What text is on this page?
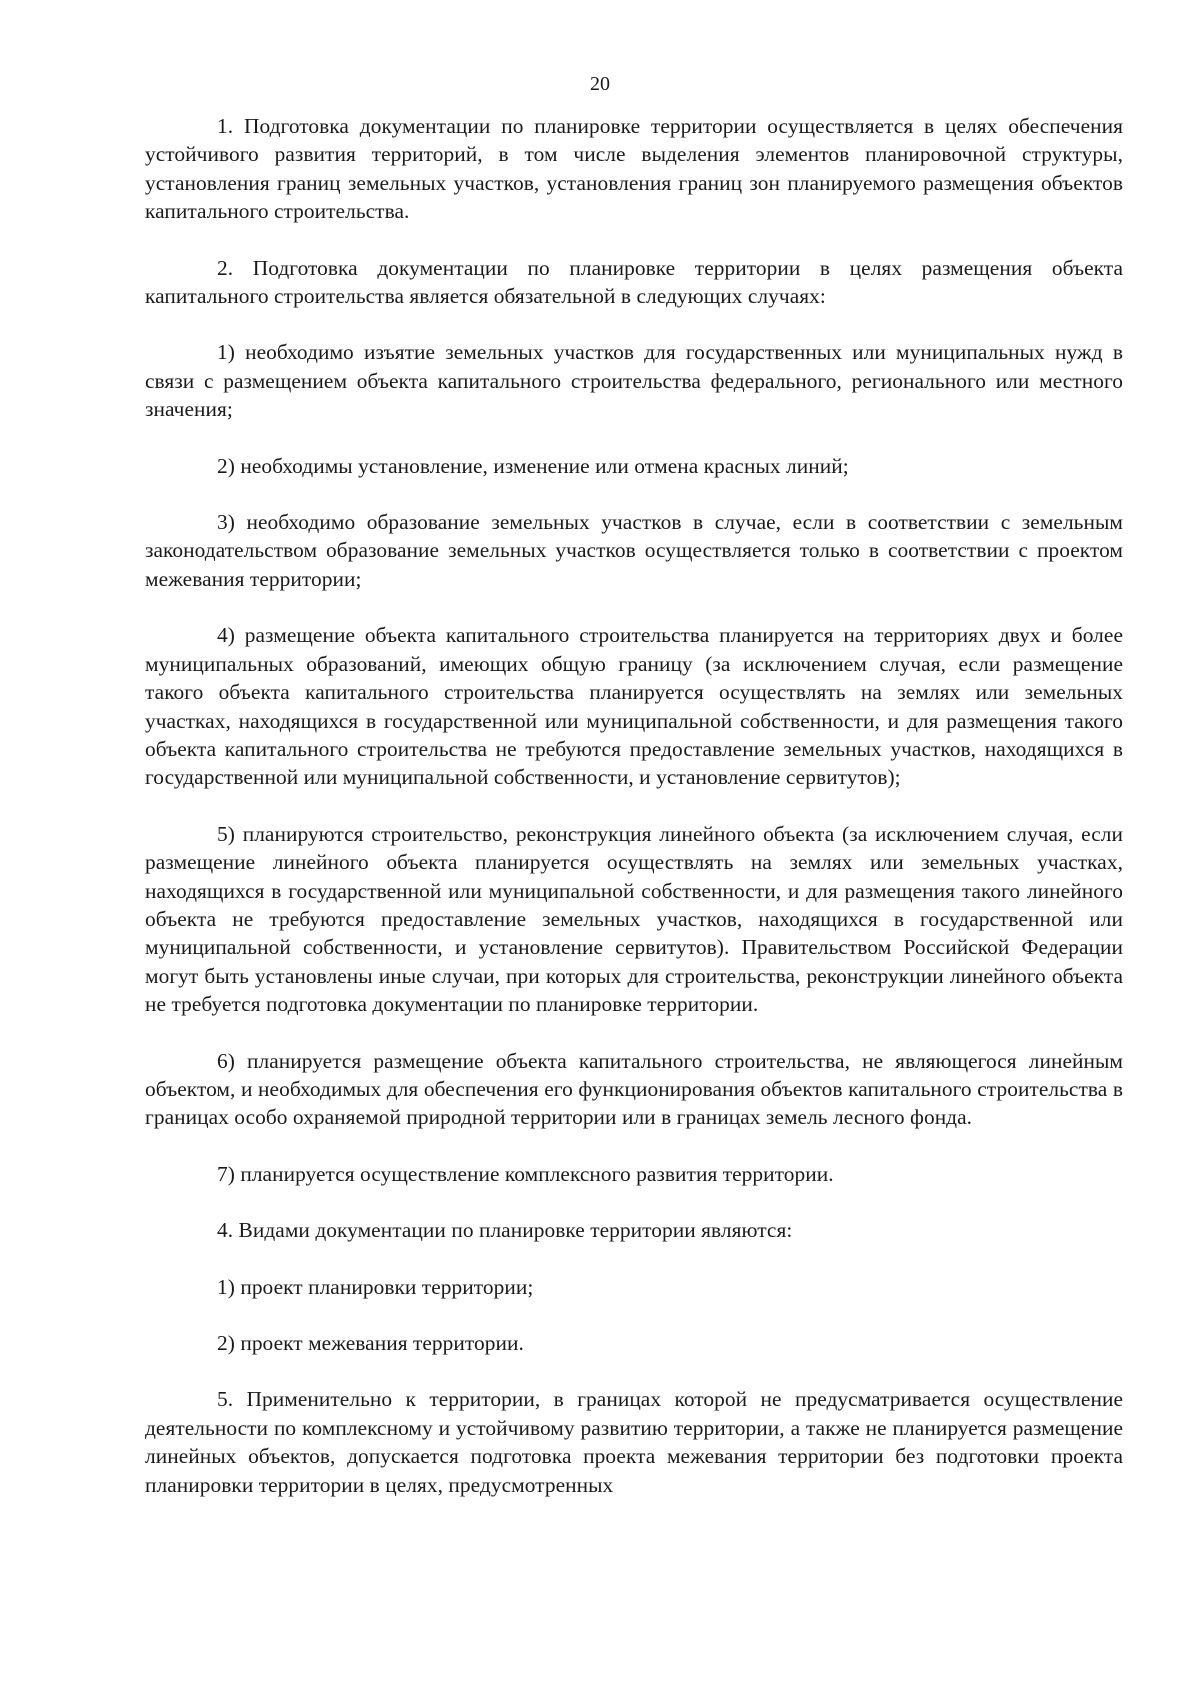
20

1. Подготовка документации по планировке территории осуществляется в целях обеспечения устойчивого развития территорий, в том числе выделения элементов планировочной структуры, установления границ земельных участков, установления границ зон планируемого размещения объектов капитального строительства.

2. Подготовка документации по планировке территории в целях размещения объекта капитального строительства является обязательной в следующих случаях:

1) необходимо изъятие земельных участков для государственных или муниципальных нужд в связи с размещением объекта капитального строительства федерального, регионального или местного значения;

2) необходимы установление, изменение или отмена красных линий;

3) необходимо образование земельных участков в случае, если в соответствии с земельным законодательством образование земельных участков осуществляется только в соответствии с проектом межевания территории;

4) размещение объекта капитального строительства планируется на территориях двух и более муниципальных образований, имеющих общую границу (за исключением случая, если размещение такого объекта капитального строительства планируется осуществлять на землях или земельных участках, находящихся в государственной или муниципальной собственности, и для размещения такого объекта капитального строительства не требуются предоставление земельных участков, находящихся в государственной или муниципальной собственности, и установление сервитутов);

5) планируются строительство, реконструкция линейного объекта (за исключением случая, если размещение линейного объекта планируется осуществлять на землях или земельных участках, находящихся в государственной или муниципальной собственности, и для размещения такого линейного объекта не требуются предоставление земельных участков, находящихся в государственной или муниципальной собственности, и установление сервитутов). Правительством Российской Федерации могут быть установлены иные случаи, при которых для строительства, реконструкции линейного объекта не требуется подготовка документации по планировке территории.

6) планируется размещение объекта капитального строительства, не являющегося линейным объектом, и необходимых для обеспечения его функционирования объектов капитального строительства в границах особо охраняемой природной территории или в границах земель лесного фонда.

7) планируется осуществление комплексного развития территории.

4. Видами документации по планировке территории являются:

1) проект планировки территории;

2) проект межевания территории.

5. Применительно к территории, в границах которой не предусматривается осуществление деятельности по комплексному и устойчивому развитию территории, а также не планируется размещение линейных объектов, допускается подготовка проекта межевания территории без подготовки проекта планировки территории в целях, предусмотренных
